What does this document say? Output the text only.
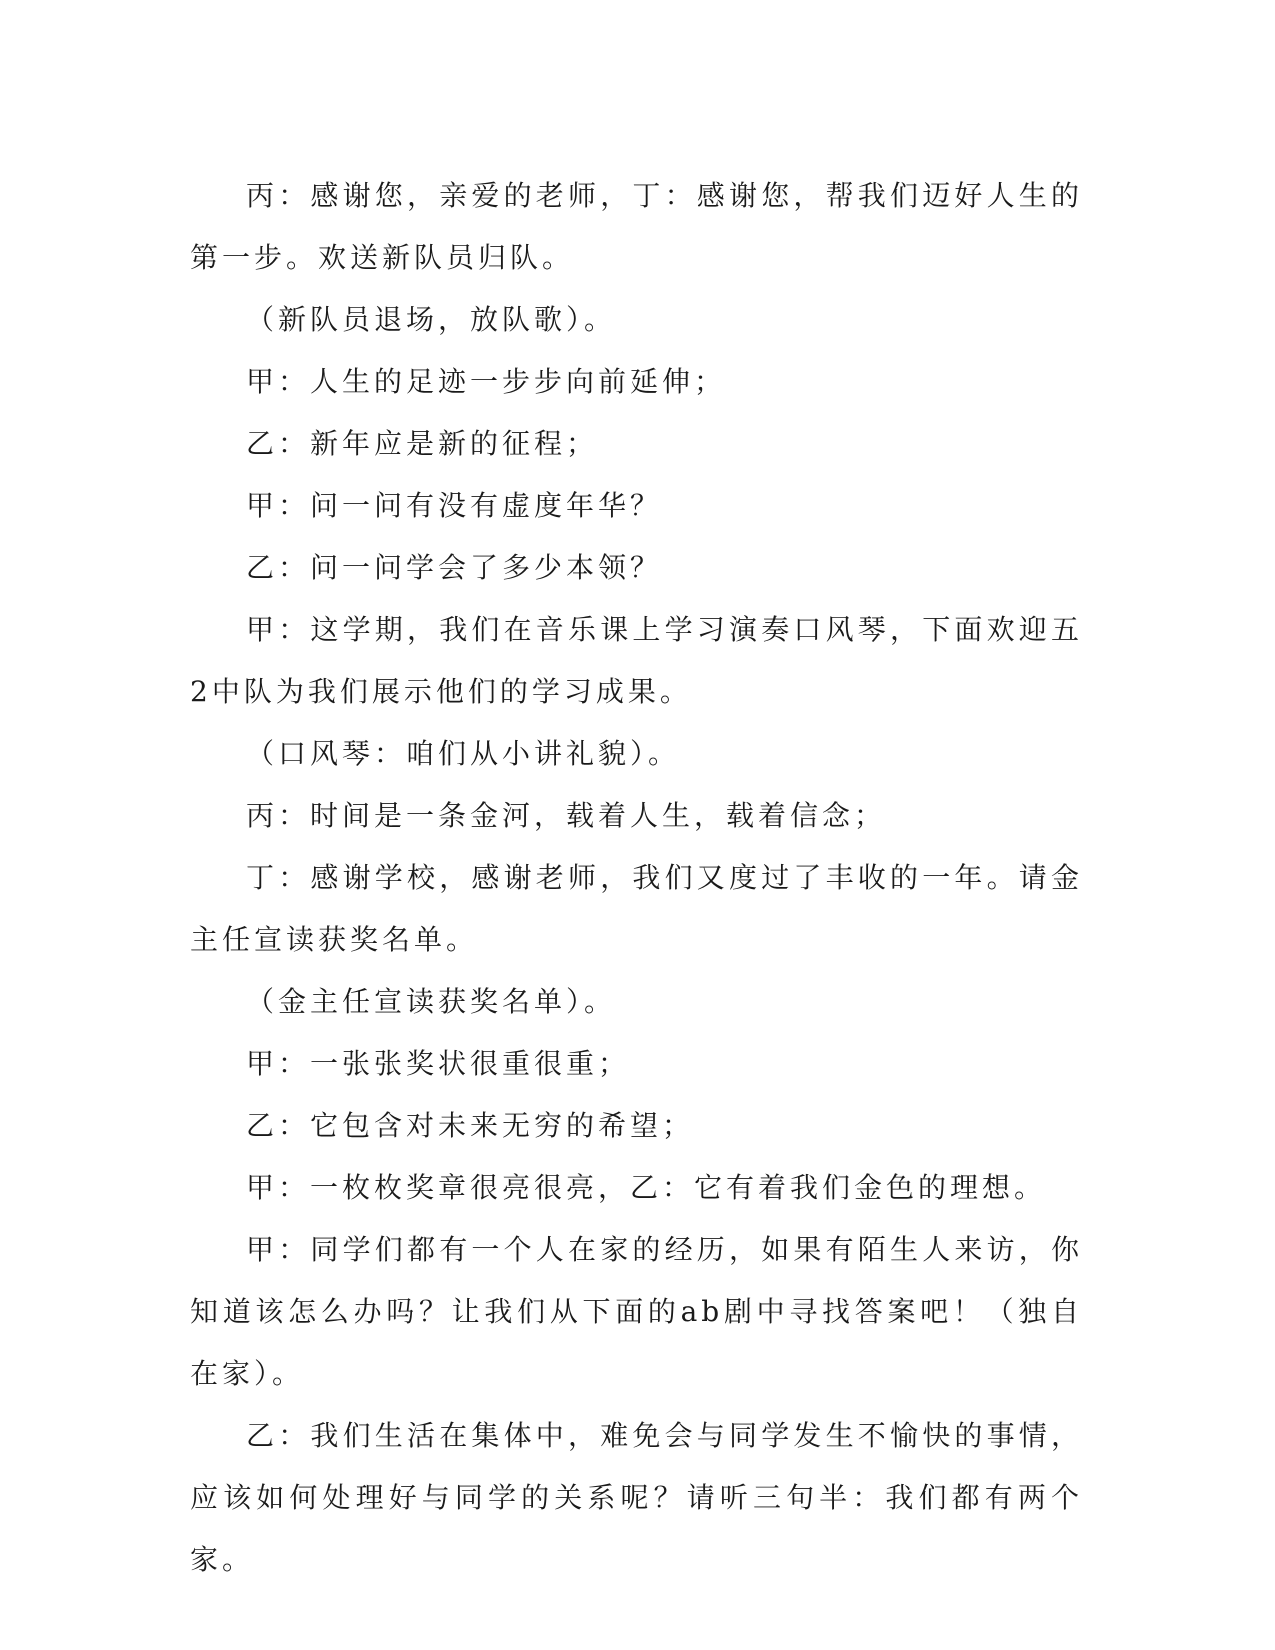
丙：感谢您，亲爱的老师，丁：感谢您，帮我们迈好人生的第一步。欢送新队员归队。

（新队员退场，放队歌）。

甲：人生的足迹一步步向前延伸；

乙：新年应是新的征程；

甲：问一问有没有虚度年华？

乙：问一问学会了多少本领？

甲：这学期，我们在音乐课上学习演奏口风琴，下面欢迎五2中队为我们展示他们的学习成果。

（口风琴：咱们从小讲礼貌）。

丙：时间是一条金河，载着人生，载着信念；

丁：感谢学校，感谢老师，我们又度过了丰收的一年。请金主任宣读获奖名单。

（金主任宣读获奖名单）。

甲：一张张奖状很重很重；

乙：它包含对未来无穷的希望；

甲：一枚枚奖章很亮很亮，乙：它有着我们金色的理想。

甲：同学们都有一个人在家的经历，如果有陌生人来访，你知道该怎么办吗？让我们从下面的ab剧中寻找答案吧！（独自在家）。

乙：我们生活在集体中，难免会与同学发生不愉快的事情，应该如何处理好与同学的关系呢？请听三句半：我们都有两个家。
